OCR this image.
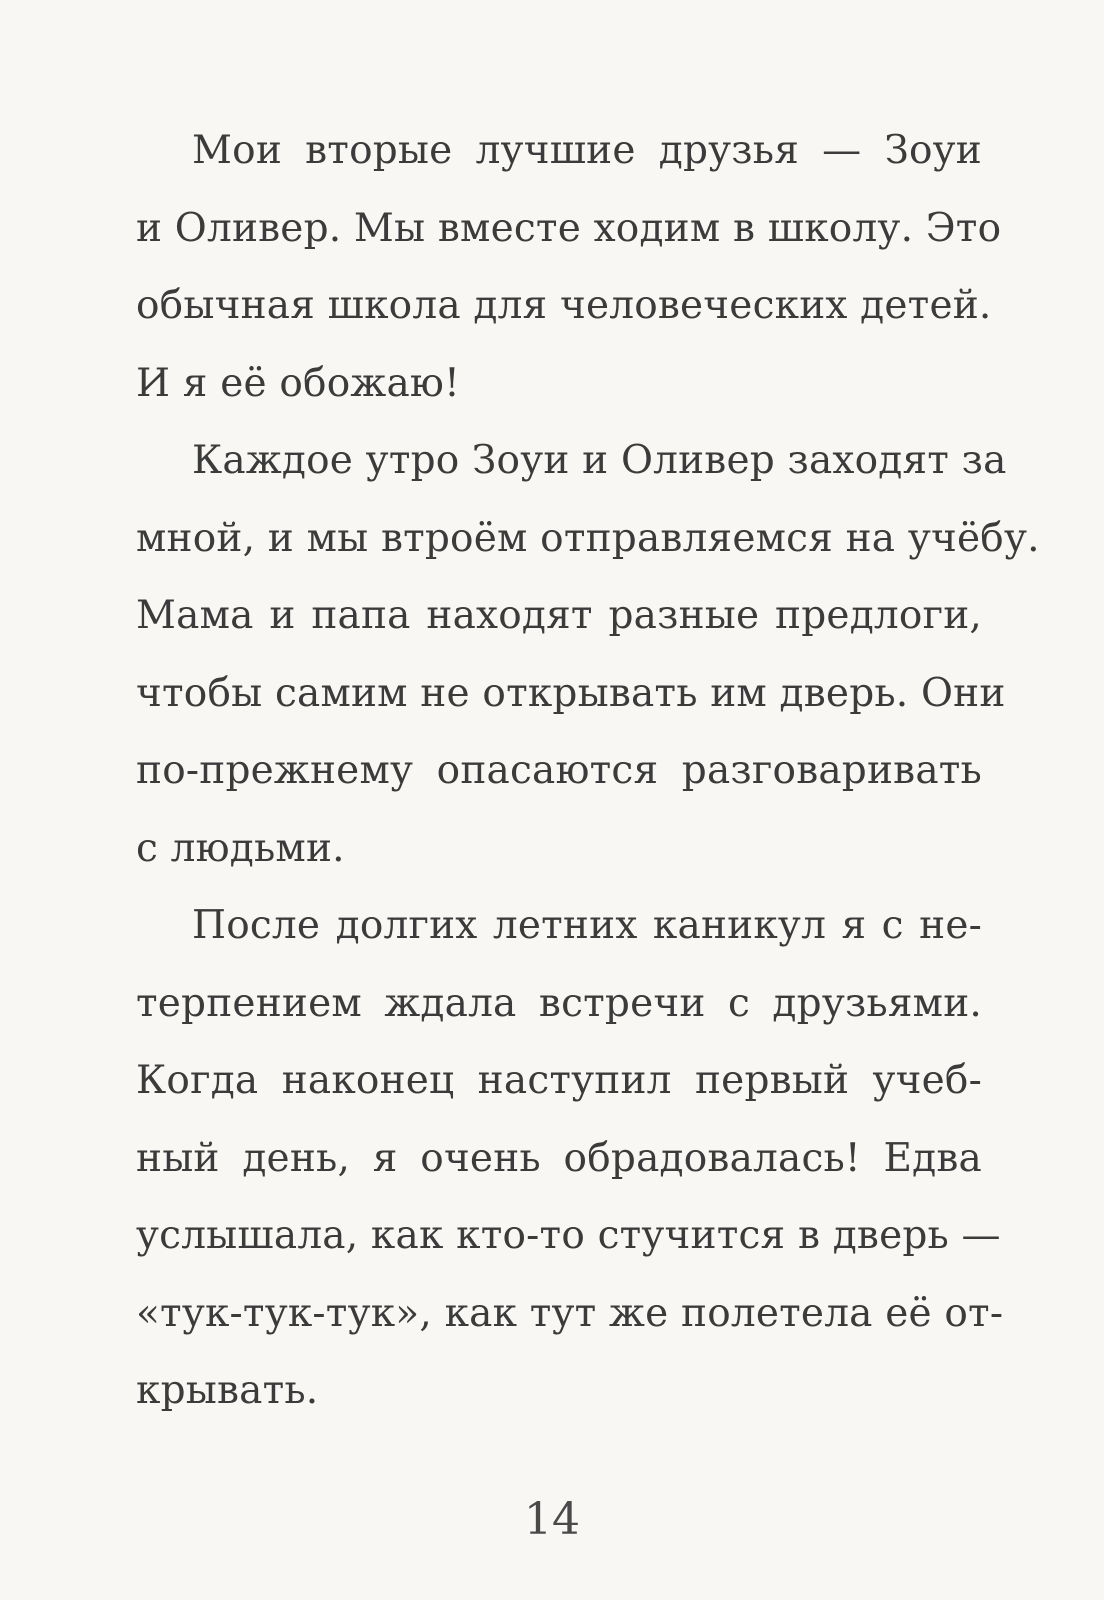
Мои вторые лучшие друзья — Зоуи
и Оливер. Мы вместе ходим в школу. Это
обычная школа для человеческих детей.
И я её обожаю!
Каждое утро Зоуи и Оливер заходят за
мной, и мы втроём отправляемся на учёбу.
Мама и папа находят разные предлоги,
чтобы самим не открывать им дверь. Они
по-прежнему опасаются разговаривать
с людьми.
После долгих летних каникул я с не-
терпением ждала встречи с друзьями.
Когда наконец наступил первый учеб-
ный день, я очень обрадовалась! Едва
услышала, как кто-то стучится в дверь —
«тук-тук-тук», как тут же полетела её от-
крывать.
14
